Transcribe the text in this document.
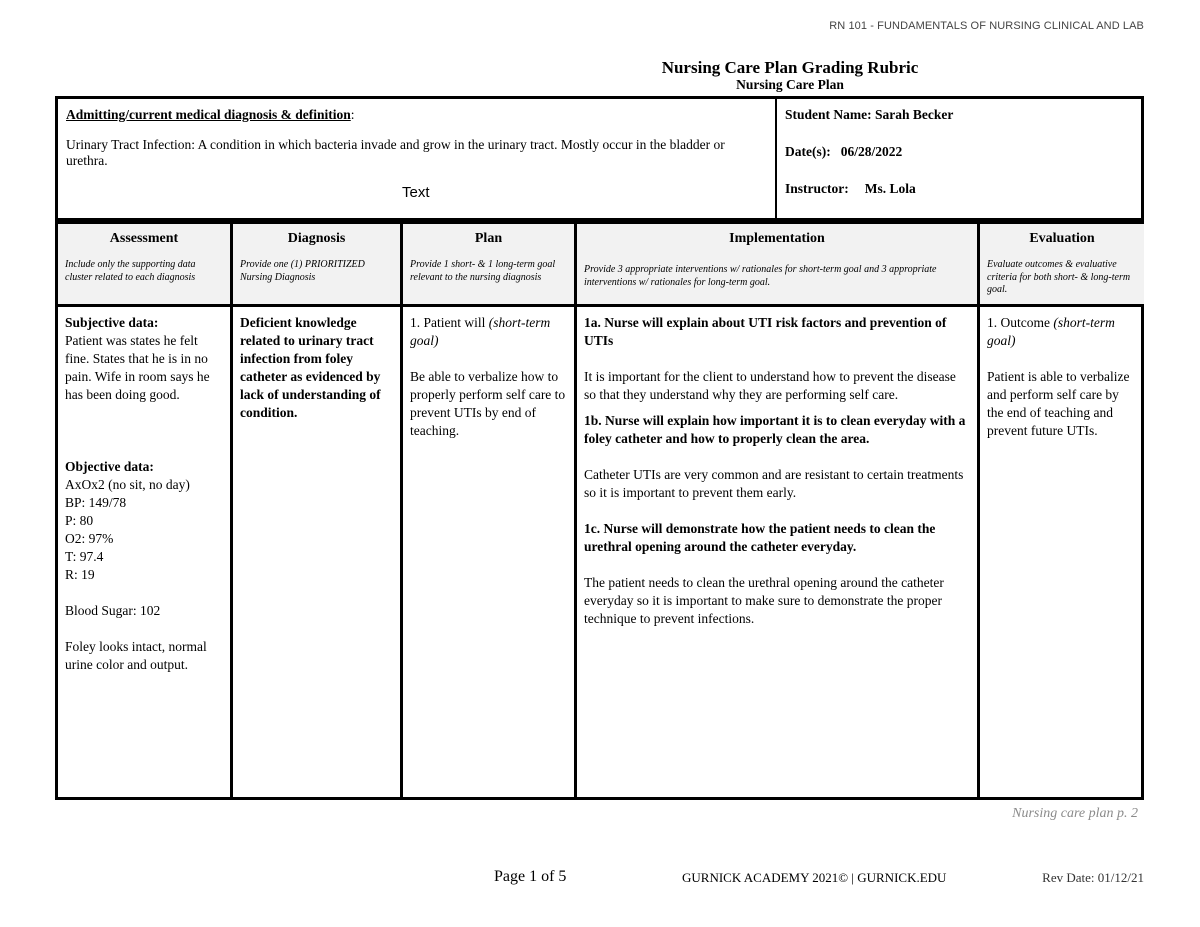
RN 101 - FUNDAMENTALS OF NURSING CLINICAL AND LAB
Nursing Care Plan Grading Rubric
Nursing Care Plan
Admitting/current medical diagnosis & definition:
Urinary Tract Infection: A condition in which bacteria invade and grow in the urinary tract. Mostly occur in the bladder or urethra.
Text
Student Name: Sarah Becker
Date(s): 06/28/2022
Instructor: Ms. Lola
Assessment
Include only the supporting data cluster related to each diagnosis

Subjective data:

Patient was states he felt fine. States that he is in no pain. Wife in room says he has been doing good.

Objective data:

AxOx2 (no sit, no day)

BP: 149/78

P: 80

O2: 97%

T: 97.4

R: 19

Blood Sugar: 102

Foley looks intact, normal urine color and output.

Diagnosis
Provide one (1) PRIORITIZED Nursing Diagnosis

Deficient knowledge related to urinary tract infection from foley catheter as evidenced by lack of understanding of condition.

Plan
Provide 1 short- & 1 long-term goal relevant to the nursing diagnosis

1. Patient will (short-term goal)

Be able to verbalize how to properly perform self care to prevent UTIs by end of teaching.

Implementation
Provide 3 appropriate interventions w/ rationales for short-term goal and 3 appropriate interventions w/ rationales for long-term goal.

1a. Nurse will explain about UTI risk factors and prevention of UTIs

It is important for the client to understand how to prevent the disease so that they understand why they are performing self care.

1b. Nurse will explain how important it is to clean everyday with a foley catheter and how to properly clean the area.

Catheter UTIs are very common and are resistant to certain treatments so it is important to prevent them early.

1c. Nurse will demonstrate how the patient needs to clean the urethral opening around the catheter everyday.

The patient needs to clean the urethral opening around the catheter everyday so it is important to make sure to demonstrate the proper technique to prevent infections.

Evaluation
Evaluate outcomes & evaluative criteria for both short- & long-term goal.

1. Outcome (short-term goal)

Patient is able to verbalize and perform self care by the end of teaching and prevent future UTIs.

Nursing care plan p. 2
Page 1 of 5	GURNICK ACADEMY 2021© | GURNICK.EDU	Rev Date: 01/12/21
